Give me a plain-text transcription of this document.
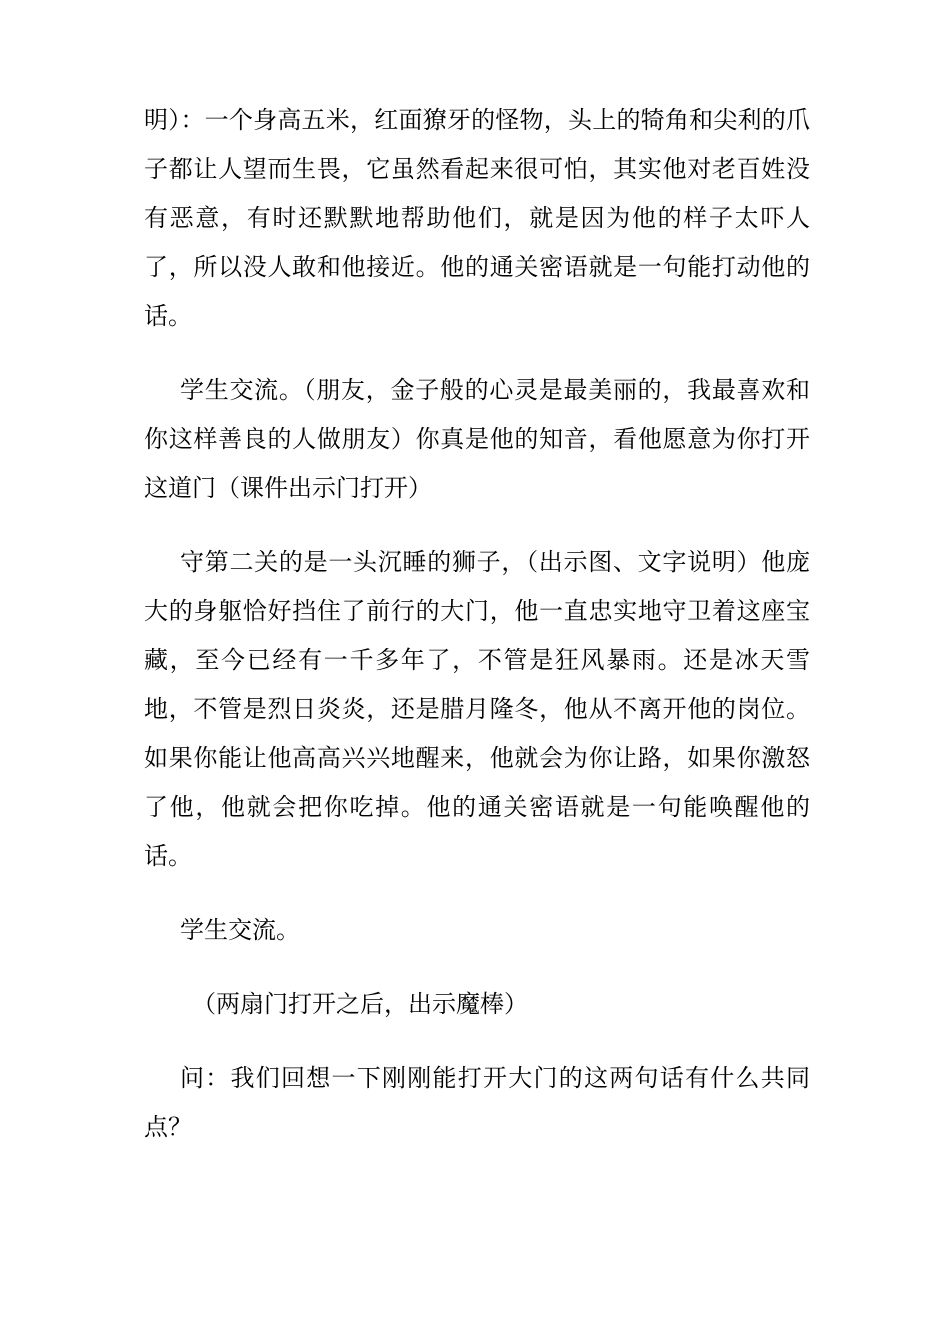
明）：一个身高五米，红面獠牙的怪物，头上的犄角和尖利的爪子都让人望而生畏，它虽然看起来很可怕，其实他对老百姓没有恶意，有时还默默地帮助他们，就是因为他的样子太吓人了，所以没人敢和他接近。他的通关密语就是一句能打动他的话。

学生交流。（朋友，金子般的心灵是最美丽的，我最喜欢和你这样善良的人做朋友）你真是他的知音，看他愿意为你打开这道门（课件出示门打开）

守第二关的是一头沉睡的狮子，（出示图、文字说明）他庞大的身躯恰好挡住了前行的大门，他一直忠实地守卫着这座宝藏，至今已经有一千多年了，不管是狂风暴雨。还是冰天雪地，不管是烈日炎炎，还是腊月隆冬，他从不离开他的岗位。如果你能让他高高兴兴地醒来，他就会为你让路，如果你激怒了他，他就会把你吃掉。他的通关密语就是一句能唤醒他的话。

学生交流。

（两扇门打开之后，出示魔棒）

问：我们回想一下刚刚能打开大门的这两句话有什么共同点？
